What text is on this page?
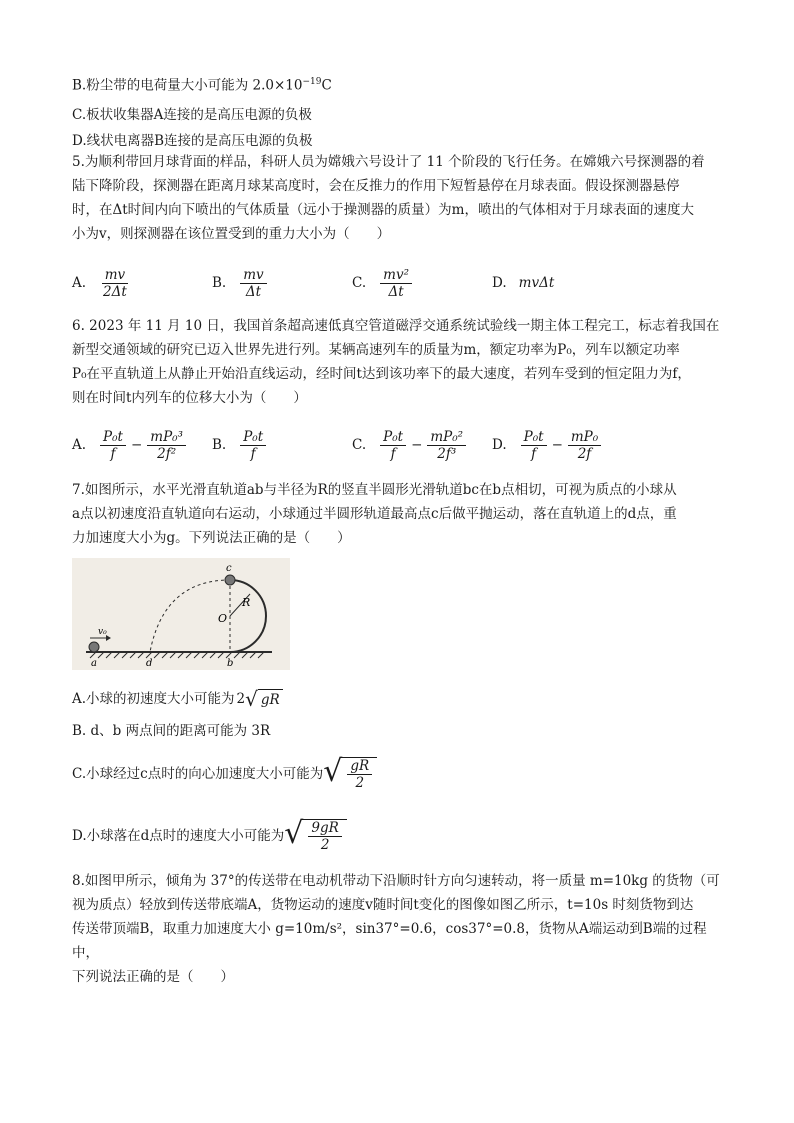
B.粉尘带的电荷量大小可能为 $2.0\times 10^{-19}C$
C.板状收集器A连接的是高压电源的负极
D.线状电离器B连接的是高压电源的负极

5.为顺利带回月球背面的样品，科研人员为嫦娥六号设计了 11 个阶段的飞行任务。在嫦娥六号探测器的着

陆下降阶段，探测器在距离月球某高度时，会在反推力的作用下短暂悬停在月球表面。假设探测器悬停

时，在Δt时间内向下喷出的气体质量（远小于操测器的质量）为m，喷出的气体相对于月球表面的速度大

小为v，则探测器在该位置受到的重力大小为（　　）

A. $\frac{mv}{2\Delta t}$	B. $\frac{mv}{\Delta t}$	C. $\frac{\text{mv²}}{\Delta t}$	D. mvΔt

6. 2023 年 11 月 10 日，我国首条超高速低真空管道磁浮交通系统试验线一期主体工程完工，标志着我国在

新型交通领域的研究已迈入世界先进行列。某辆高速列车的质量为m，额定功率为P₀，列车以额定功率

P₀在平直轨道上从静止开始沿直线运动，经时间t达到该功率下的最大速度，若列车受到的恒定阻力为f，

则在时间t内列车的位移大小为（　　）

A. $\frac{\text{P₀t}}{f} - \frac{\text{mP₀³}}{\text{2f²}} B$. $\frac{\text{P₀t}}{f}$	C. $\frac{\text{P₀t}}{f} - \frac{\text{mP₀²}}{\text{2f³}} D$. $\frac{\text{P₀t}}{f} - \frac{\text{mP₀}}{2f}$

7.如图所示，水平光滑直轨道ab与半径为R的竖直半圆形光滑轨道bc在b点相切，可视为质点的小球从

a点以初速度沿直轨道向右运动，小球通过半圆形轨道最高点c后做平抛运动，落在直轨道上的d点，重

力加速度大小为g。下列说法正确的是（　　）

c
R
O
v₀
a	d	b
A.小球的初速度大小可能为 2 √ gR
B. d、b 两点间的距离可能为 3R
C.小球经过c点时的向心加速度大小可能为 √ $\frac{gR}{2}$
D.小球落在d点时的速度大小可能为 √ $\frac{9gR}{2}$

8.如图甲所示，倾角为 37°的传送带在电动机带动下沿顺时针方向匀速转动，将一质量 m=10kg 的货物（可

视为质点）轻放到传送带底端A，货物运动的速度v随时间t变化的图像如图乙所示，t=10s 时刻货物到达

传送带顶端B，取重力加速度大小 g=10m/s²，sin37°=0.6，cos37°=0.8，货物从A端运动到B端的过程中，

下列说法正确的是（　　）
